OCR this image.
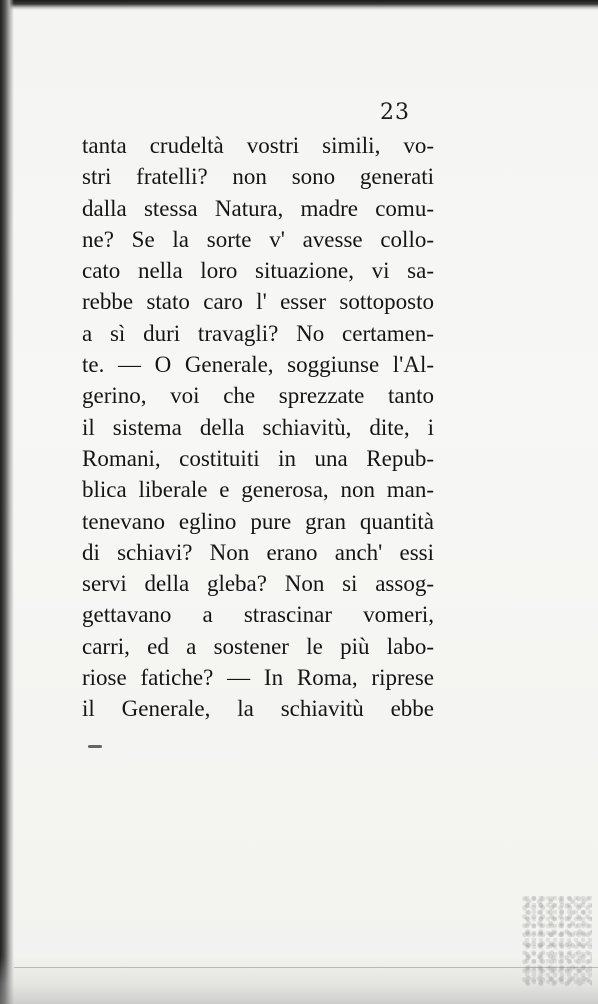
23
tanta crudeltà vostri simili, vo-
stri fratelli? non sono generati
dalla stessa Natura, madre comu-
ne? Se la sorte v' avesse collo-
cato nella loro situazione, vi sa-
rebbe stato caro l' esser sottoposto
a sì duri travagli? No certamen-
te. — O Generale, soggiunse l'Al-
gerino, voi che sprezzate tanto
il sistema della schiavitù, dite, i
Romani, costituiti in una Repub-
blica liberale e generosa, non man-
tenevano eglino pure gran quantità
di schiavi? Non erano anch' essi
servi della gleba? Non si assog-
gettavano a strascinar vomeri,
carri, ed a sostener le più labo-
riose fatiche? — In Roma, riprese
il Generale, la schiavitù ebbe
